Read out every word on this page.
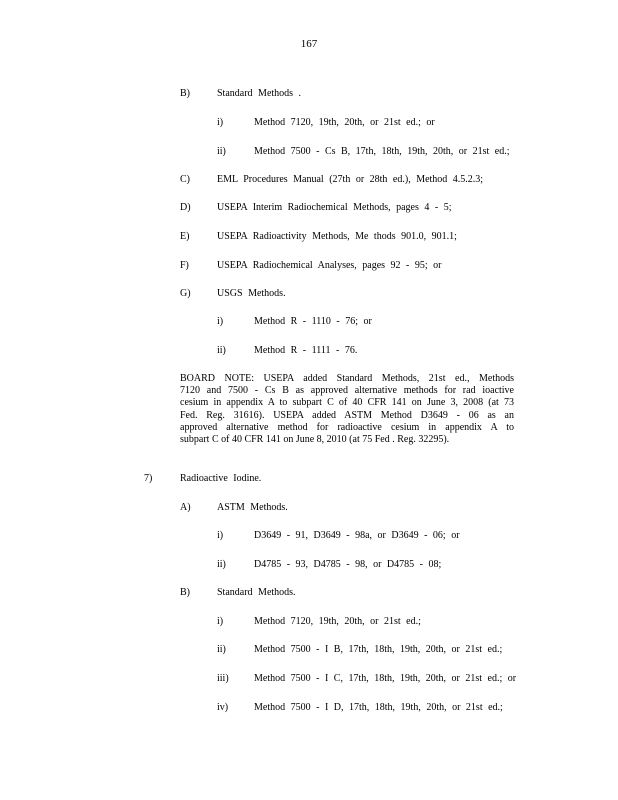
167
B)	Standard Methods .
i)	Method 7120, 19th, 20th, or 21st ed.; or
ii)	Method 7500 - Cs B, 17th, 18th, 19th, 20th, or 21st ed.;
C)	EML Procedures Manual (27th or 28th ed.), Method 4.5.2.3;
D)	USEPA Interim Radiochemical Methods, pages 4 - 5;
E)	USEPA Radioactivity Methods, Me thods 901.0, 901.1;
F)	USEPA Radiochemical Analyses, pages 92 - 95; or
G)	USGS Methods.
i)	Method R - 1110 - 76; or
ii)	Method R - 1111 - 76.
7)	Radioactive Iodine.
A)	ASTM Methods.
i)	D3649 - 91, D3649 - 98a, or D3649 - 06; or
ii)	D4785 - 93, D4785 - 98, or D4785 - 08;
B)	Standard Methods.
i)	Method 7120, 19th, 20th, or 21st ed.;
ii)	Method 7500 - I B, 17th, 18th, 19th, 20th, or 21st ed.;
iii)	Method 7500 - I C, 17th, 18th, 19th, 20th, or 21st ed.; or
iv)	Method 7500 - I D, 17th, 18th, 19th, 20th, or 21st ed.;
BOARD NOTE: USEPA added Standard Methods, 21st ed., Methods
7120 and 7500 - Cs B as approved alternative methods for rad ioactive
cesium in appendix A to subpart C of 40 CFR 141 on June 3, 2008 (at 73
Fed. Reg. 31616). USEPA added ASTM Method D3649 - 06 as an
approved alternative method for radioactive cesium in appendix A to
subpart C of 40 CFR 141 on June 8, 2010 (at 75 Fed . Reg. 32295).
